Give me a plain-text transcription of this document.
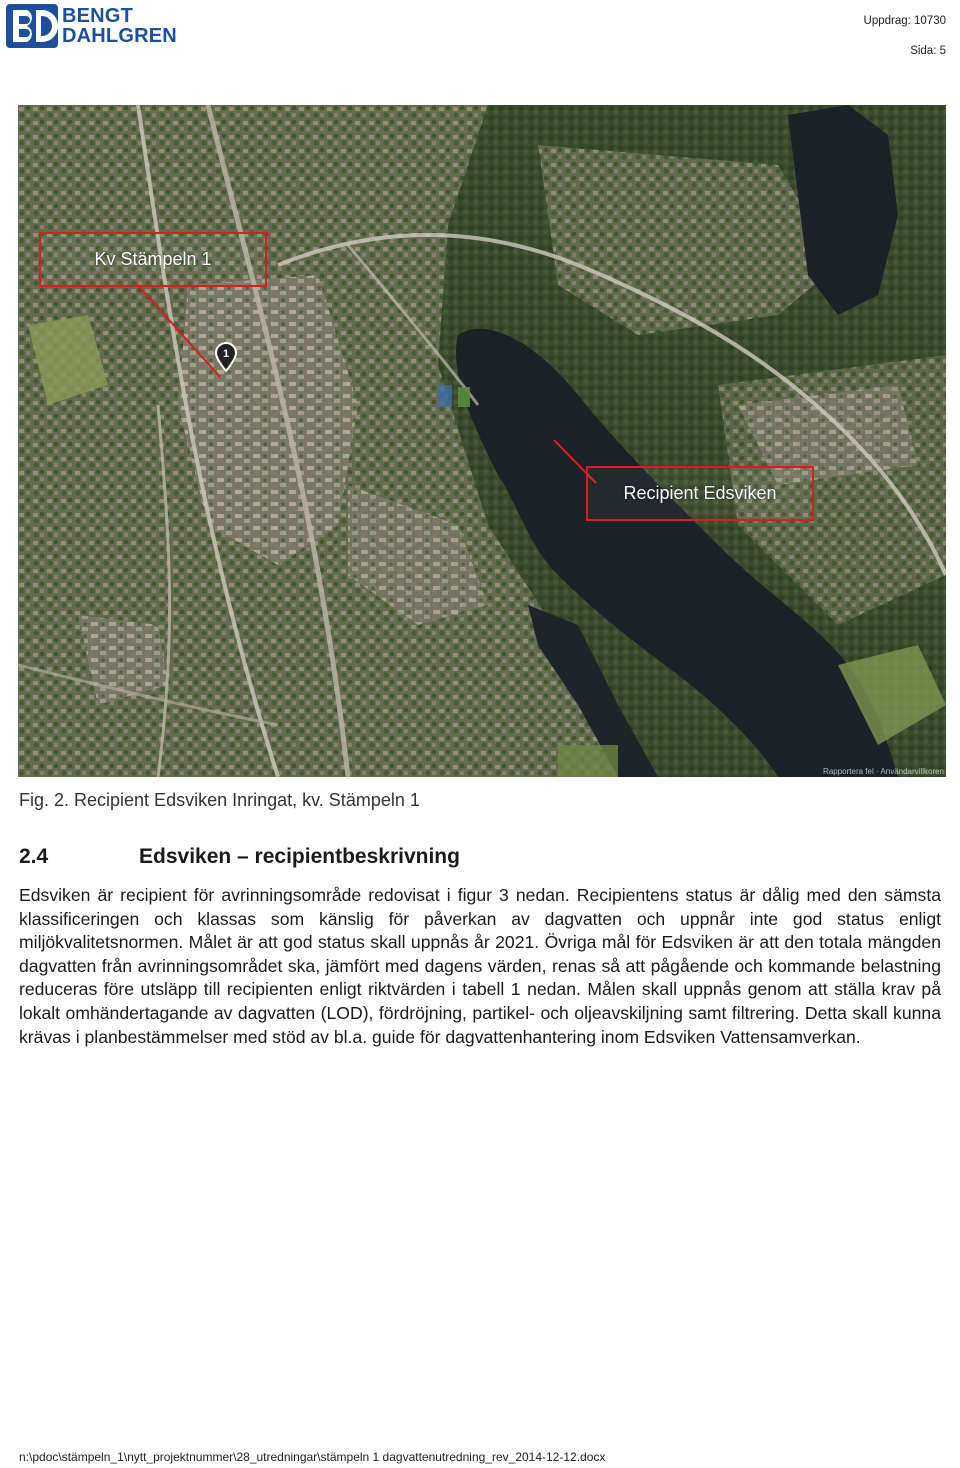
BENGT
DAHLGREN
Uppdrag: 10730
Sida: 5
Kv Stämpeln 1
Recipient Edsviken
1
Rapportera fel · Användarvillkoren

Fig. 2. Recipient Edsviken Inringat, kv. Stämpeln 1

2.4	Edsviken – recipientbeskrivning

Edsviken är recipient för avrinningsområde redovisat i figur 3 nedan. Recipientens status är dålig med den sämsta klassificeringen och klassas som känslig för påverkan av dagvatten och uppnår inte god status enligt miljökvalitetsnormen. Målet är att god status skall uppnås år 2021. Övriga mål för Edsviken är att den totala mängden dagvatten från avrinningsområdet ska, jämfört med dagens värden, renas så att pågående och kommande belastning reduceras före utsläpp till recipienten enligt riktvärden i tabell 1 nedan. Målen skall uppnås genom att ställa krav på lokalt omhändertagande av dagvatten (LOD), fördröjning, partikel- och oljeavskiljning samt filtrering. Detta skall kunna krävas i planbestämmelser med stöd av bl.a. guide för dagvattenhantering inom Edsviken Vattensamverkan.

n:\pdoc\stämpeln_1\nytt_projektnummer\28_utredningar\stämpeln 1 dagvattenutredning_rev_2014-12-12.docx
